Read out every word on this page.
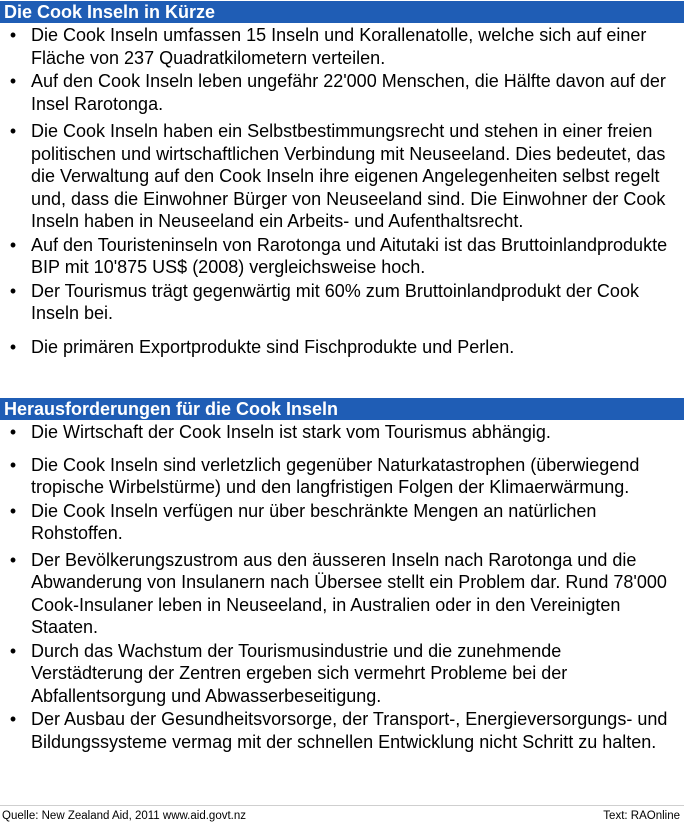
Die Cook Inseln in Kürze
• Die Cook Inseln umfassen 15 Inseln und Korallenatolle, welche sich auf einer Fläche von 237 Quadratkilometern verteilen.
• Auf den Cook Inseln leben ungefähr 22'000 Menschen, die Hälfte davon auf der Insel Rarotonga.
• Die Cook Inseln haben ein Selbstbestimmungsrecht und stehen in einer freien politischen und wirtschaftlichen Verbindung mit Neuseeland. Dies bedeutet, das die Verwaltung auf den Cook Inseln ihre eigenen Angelegenheiten selbst regelt und, dass die Einwohner Bürger von Neuseeland sind. Die Einwohner der Cook Inseln haben in Neuseeland ein Arbeits- und Aufenthaltsrecht.
• Auf den Touristeninseln von Rarotonga und Aitutaki ist das Bruttoinlandprodukte BIP mit 10'875 US$ (2008) vergleichsweise hoch.
• Der Tourismus trägt gegenwärtig mit 60% zum Bruttoinlandprodukt der Cook Inseln bei.
• Die primären Exportprodukte sind Fischprodukte und Perlen.
Herausforderungen für die Cook Inseln
• Die Wirtschaft der Cook Inseln ist stark vom Tourismus abhängig.
• Die Cook Inseln sind verletzlich gegenüber Naturkatastrophen (überwiegend tropische Wirbelstürme) und den langfristigen Folgen der Klimaerwärmung.
• Die Cook Inseln verfügen nur über beschränkte Mengen an natürlichen Rohstoffen.
• Der Bevölkerungszustrom aus den äusseren Inseln nach Rarotonga und die Abwanderung von Insulanern nach Übersee stellt ein Problem dar. Rund 78'000 Cook-Insulaner leben in Neuseeland, in Australien oder in den Vereinigten Staaten.
• Durch das Wachstum der Tourismusindustrie und die zunehmende Verstädterung der Zentren ergeben sich vermehrt Probleme bei der Abfallentsorgung und Abwasserbeseitigung.
• Der Ausbau der Gesundheitsvorsorge, der Transport-, Energieversorgungs- und Bildungssysteme vermag mit der schnellen Entwicklung nicht Schritt zu halten.
Quelle: New Zealand Aid, 2011 www.aid.govt.nz	Text: RAOnline
